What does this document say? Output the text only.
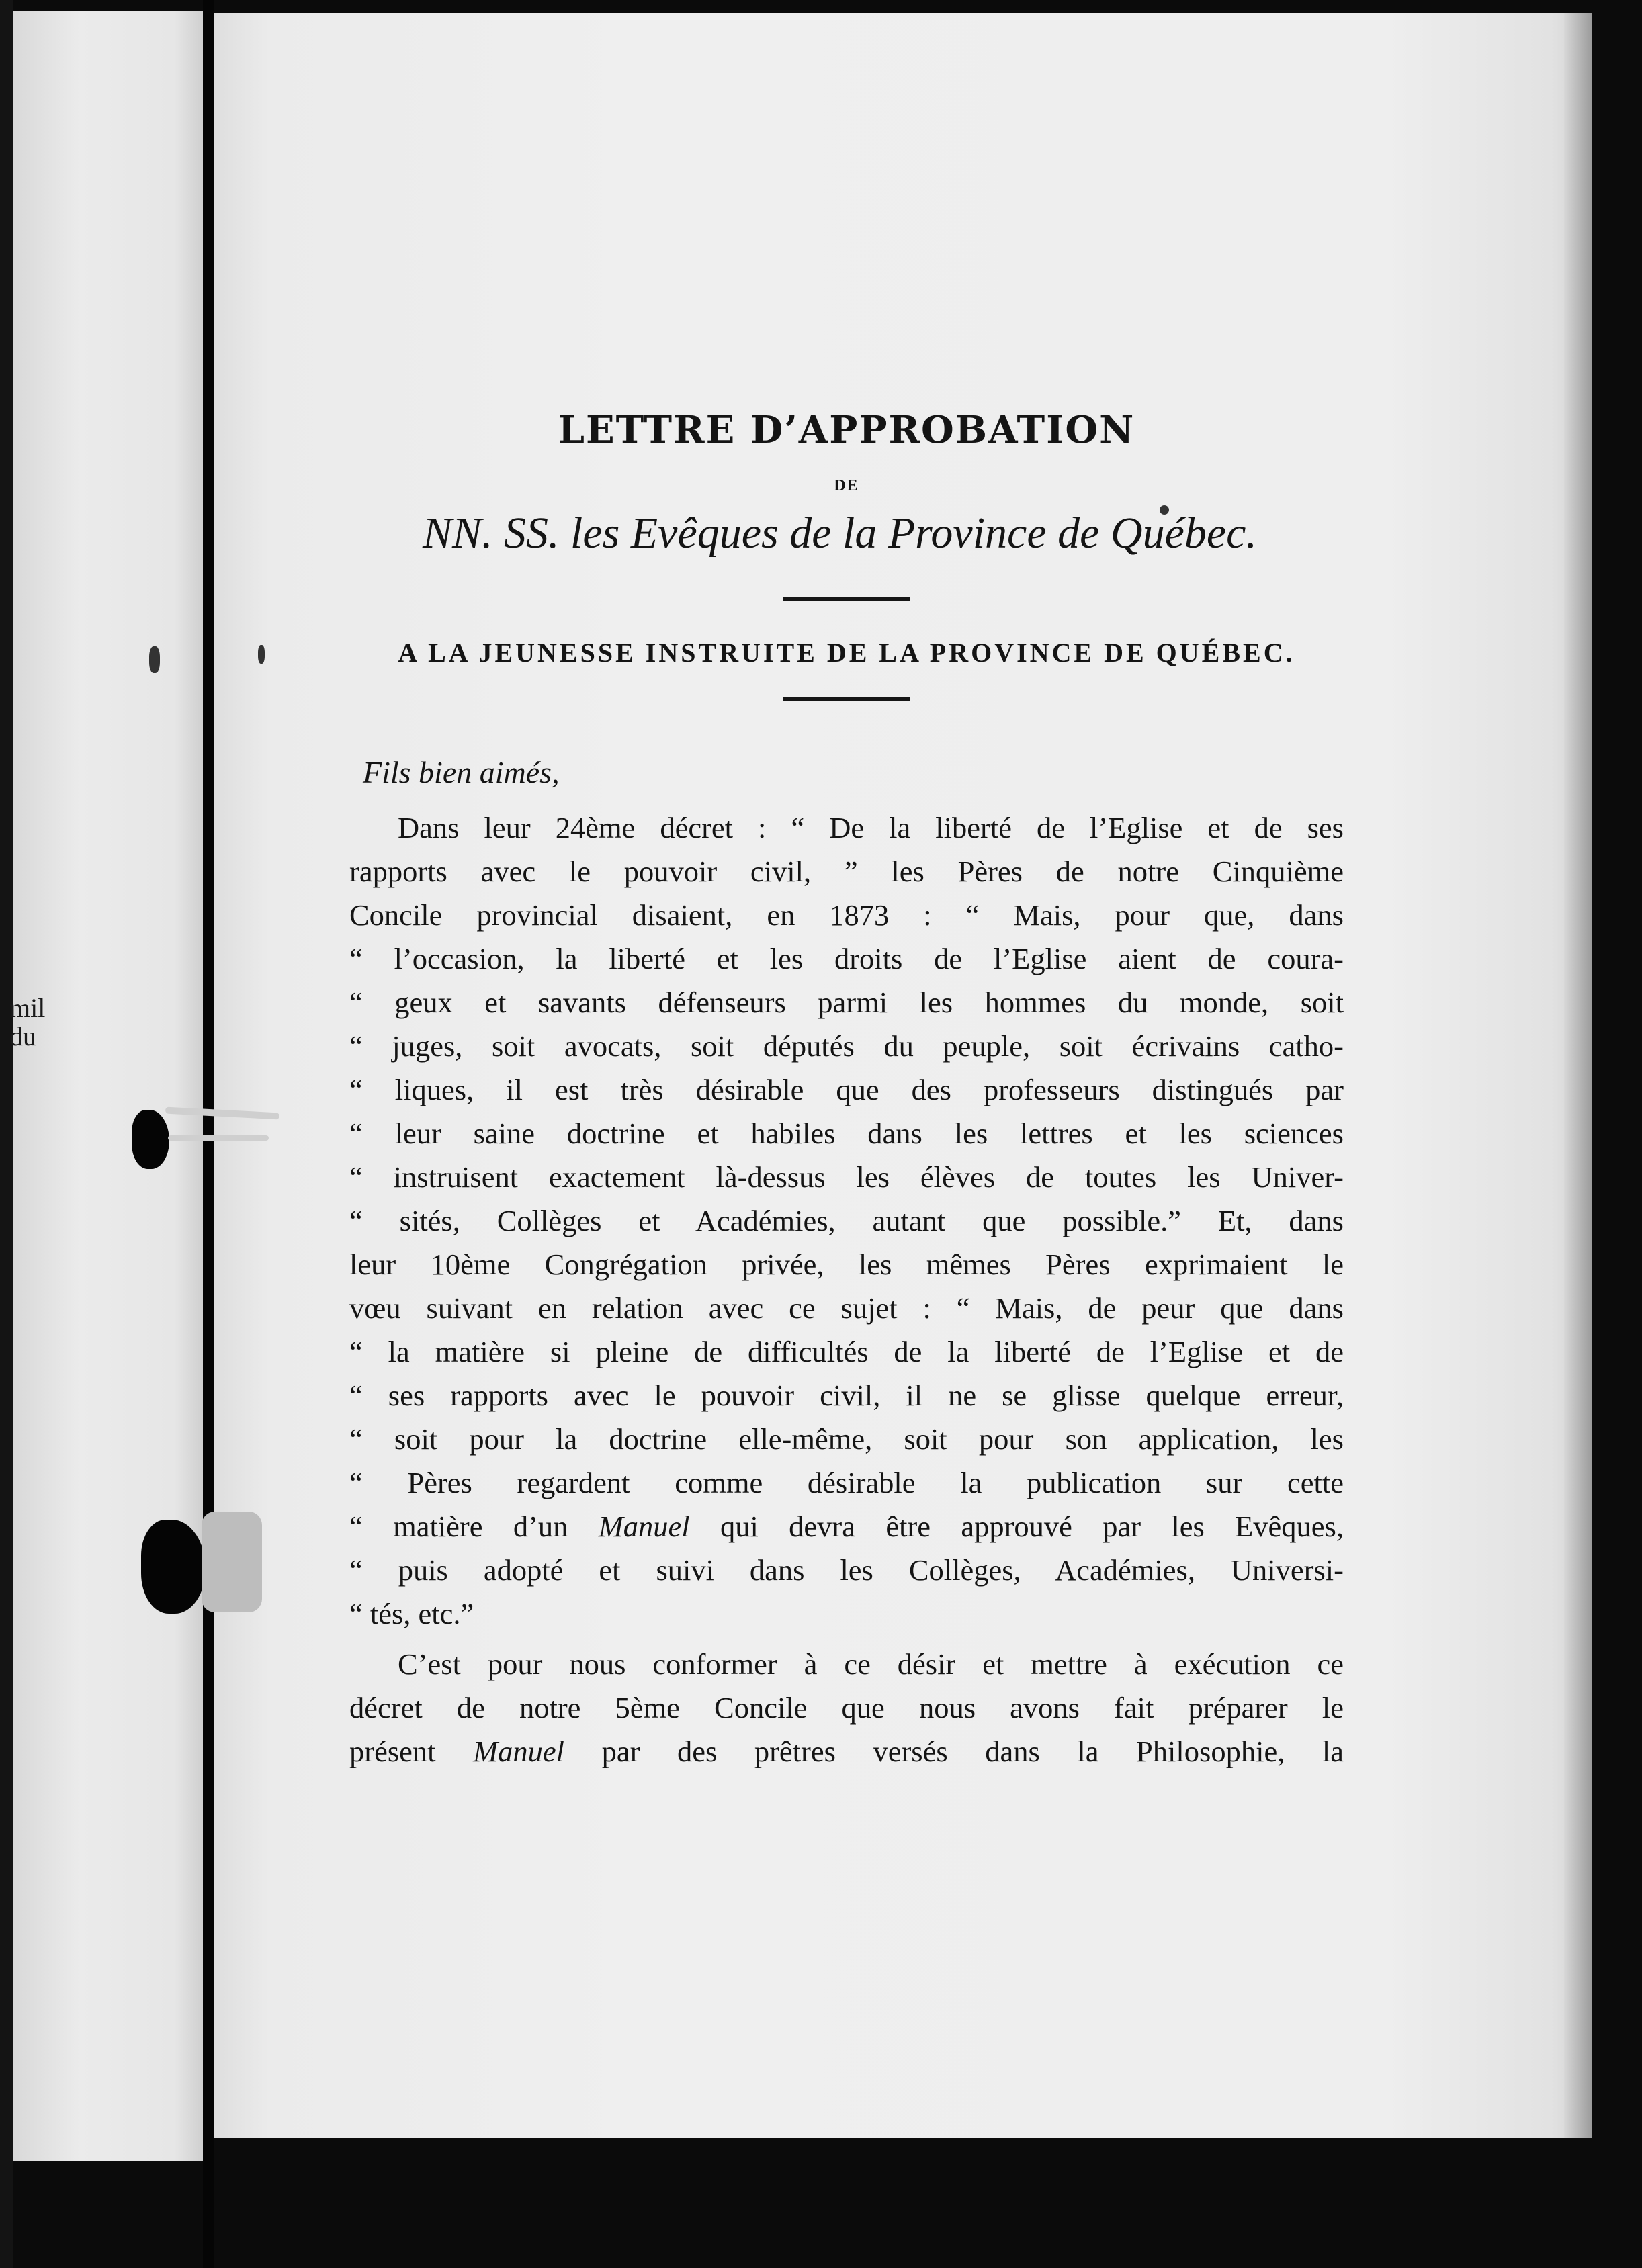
mil
du
LETTRE D’APPROBATION
DE
NN. SS. les Evêques de la Province de Québec.
A LA JEUNESSE INSTRUITE DE LA PROVINCE DE QUÉBEC.
Fils bien aimés,
Dans leur 24ème décret : “ De la liberté de l’Eglise et de ses
rapports avec le pouvoir civil, ” les Pères de notre Cinquième
Concile provincial disaient, en 1873 : “ Mais, pour que, dans
“ l’occasion, la liberté et les droits de l’Eglise aient de coura-
“ geux et savants défenseurs parmi les hommes du monde, soit
“ juges, soit avocats, soit députés du peuple, soit écrivains catho-
“ liques, il est très désirable que des professeurs distingués par
“ leur saine doctrine et habiles dans les lettres et les sciences
“ instruisent exactement là-dessus les élèves de toutes les Univer-
“ sités, Collèges et Académies, autant que possible.” Et, dans
leur 10ème Congrégation privée, les mêmes Pères exprimaient le
vœu suivant en relation avec ce sujet : “ Mais, de peur que dans
“ la matière si pleine de difficultés de la liberté de l’Eglise et de
“ ses rapports avec le pouvoir civil, il ne se glisse quelque erreur,
“ soit pour la doctrine elle-même, soit pour son application, les
“ Pères regardent comme désirable la publication sur cette
“ matière d’un Manuel qui devra être approuvé par les Evêques,
“ puis adopté et suivi dans les Collèges, Académies, Universi-
“ tés, etc.”
C’est pour nous conformer à ce désir et mettre à exécution ce
décret de notre 5ème Concile que nous avons fait préparer le
présent Manuel par des prêtres versés dans la Philosophie, la
